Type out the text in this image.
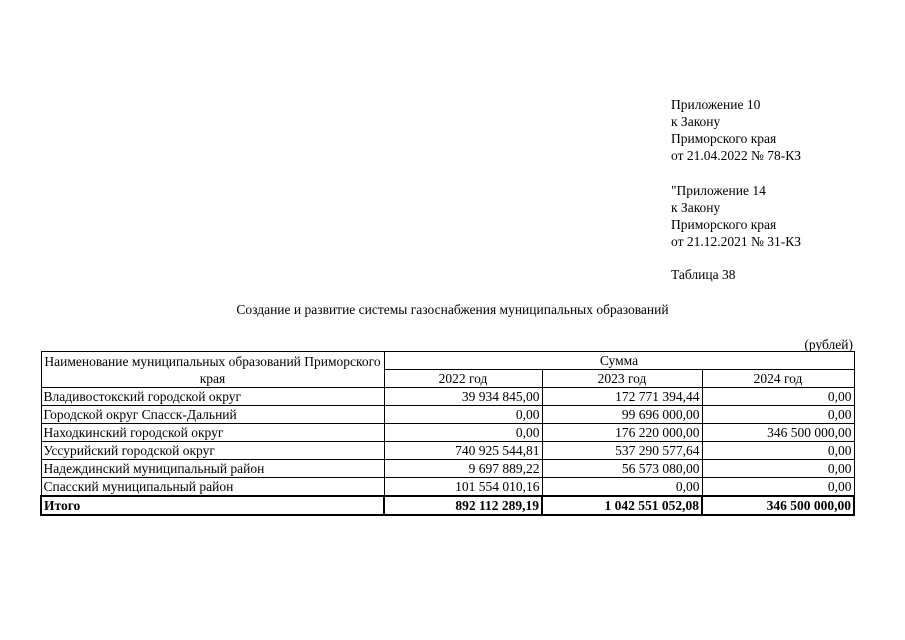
Приложение 10
к Закону
Приморского края
от 21.04.2022 № 78-КЗ
"Приложение 14
к Закону
Приморского края
от 21.12.2021 № 31-КЗ
Таблица 38
Создание и развитие системы газоснабжения муниципальных образований
(рублей)
Наименование муниципальных образований Приморского края	Сумма		
	2022 год	2023 год	2024 год
Владивостокский городской округ	39 934 845,00	172 771 394,44	0,00
Городской округ Спасск-Дальний	0,00	99 696 000,00	0,00
Находкинский городской округ	0,00	176 220 000,00	346 500 000,00
Уссурийский городской округ	740 925 544,81	537 290 577,64	0,00
Надеждинский муниципальный район	9 697 889,22	56 573 080,00	0,00
Спасский муниципальный район	101 554 010,16	0,00	0,00
Итого	892 112 289,19	1 042 551 052,08	346 500 000,00
